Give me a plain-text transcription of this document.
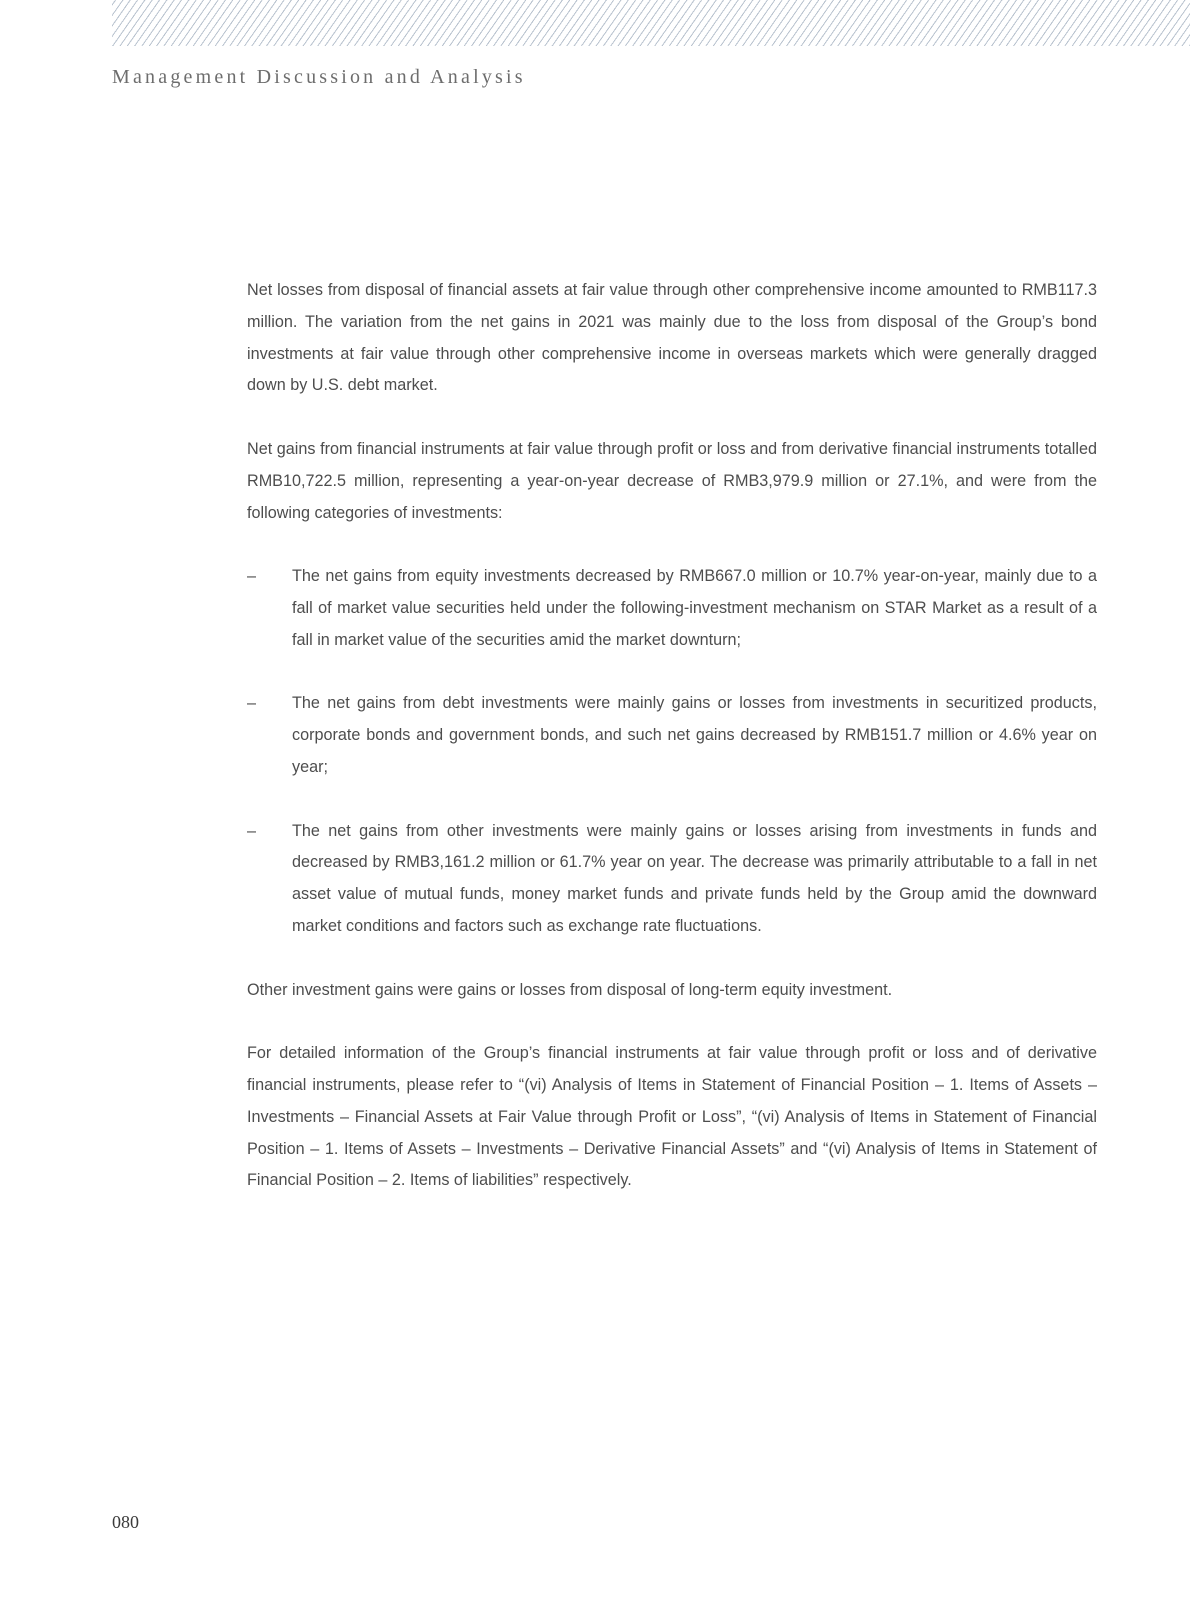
Management Discussion and Analysis

Net losses from disposal of financial assets at fair value through other comprehensive income amounted to RMB117.3 million. The variation from the net gains in 2021 was mainly due to the loss from disposal of the Group’s bond investments at fair value through other comprehensive income in overseas markets which were generally dragged down by U.S. debt market.

Net gains from financial instruments at fair value through profit or loss and from derivative financial instruments totalled RMB10,722.5 million, representing a year-on-year decrease of RMB3,979.9 million or 27.1%, and were from the following categories of investments:

– The net gains from equity investments decreased by RMB667.0 million or 10.7% year-on-year, mainly due to a fall of market value securities held under the following-investment mechanism on STAR Market as a result of a fall in market value of the securities amid the market downturn;
– The net gains from debt investments were mainly gains or losses from investments in securitized products, corporate bonds and government bonds, and such net gains decreased by RMB151.7 million or 4.6% year on year;
– The net gains from other investments were mainly gains or losses arising from investments in funds and decreased by RMB3,161.2 million or 61.7% year on year. The decrease was primarily attributable to a fall in net asset value of mutual funds, money market funds and private funds held by the Group amid the downward market conditions and factors such as exchange rate fluctuations.

Other investment gains were gains or losses from disposal of long-term equity investment.

For detailed information of the Group’s financial instruments at fair value through profit or loss and of derivative financial instruments, please refer to “(vi) Analysis of Items in Statement of Financial Position – 1. Items of Assets – Investments – Financial Assets at Fair Value through Profit or Loss”, “(vi) Analysis of Items in Statement of Financial Position – 1. Items of Assets – Investments – Derivative Financial Assets” and “(vi) Analysis of Items in Statement of Financial Position – 2. Items of liabilities” respectively.

080
